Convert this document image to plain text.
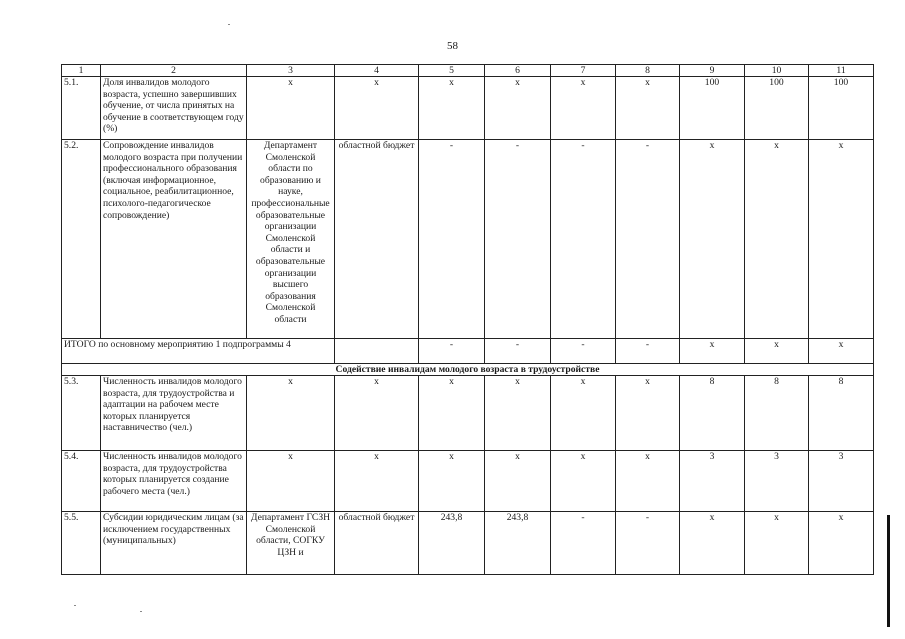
58
1	2	3	4	5	6	7	8	9	10	11
5.1.	Доля инвалидов молодого возраста, успешно завершивших обучение, от числа принятых на обучение в соответствующем году (%)	x	x	x	x	x	x	100	100	100
5.2.	Сопровождение инвалидов молодого возраста при получении профессионального образования (включая информационное, социальное, реабилитационное, психолого-педагогическое сопровождение)	Департамент Смоленской области по образованию и науке, профессиональные образовательные организации Смоленской области и образовательные организации высшего образования Смоленской области	областной бюджет	-	-	-	-	x	x	x
ИТОГО по основному мероприятию 1 подпрограммы 4				-	-	-	-	x	x	x
Содействие инвалидам молодого возраста в трудоустройстве										
5.3.	Численность инвалидов молодого возраста, для трудоустройства и адаптации на рабочем месте которых планируется наставничество (чел.)	x	x	x	x	x	x	8	8	8
5.4.	Численность инвалидов молодого возраста, для трудоустройства которых планируется создание рабочего места (чел.)	x	x	x	x	x	x	3	3	3
5.5.	Субсидии юридическим лицам (за исключением государственных (муниципальных)	Департамент ГСЗН Смоленской области, СОГКУ ЦЗН и	областной бюджет	243,8	243,8	-	-	x	x	x
